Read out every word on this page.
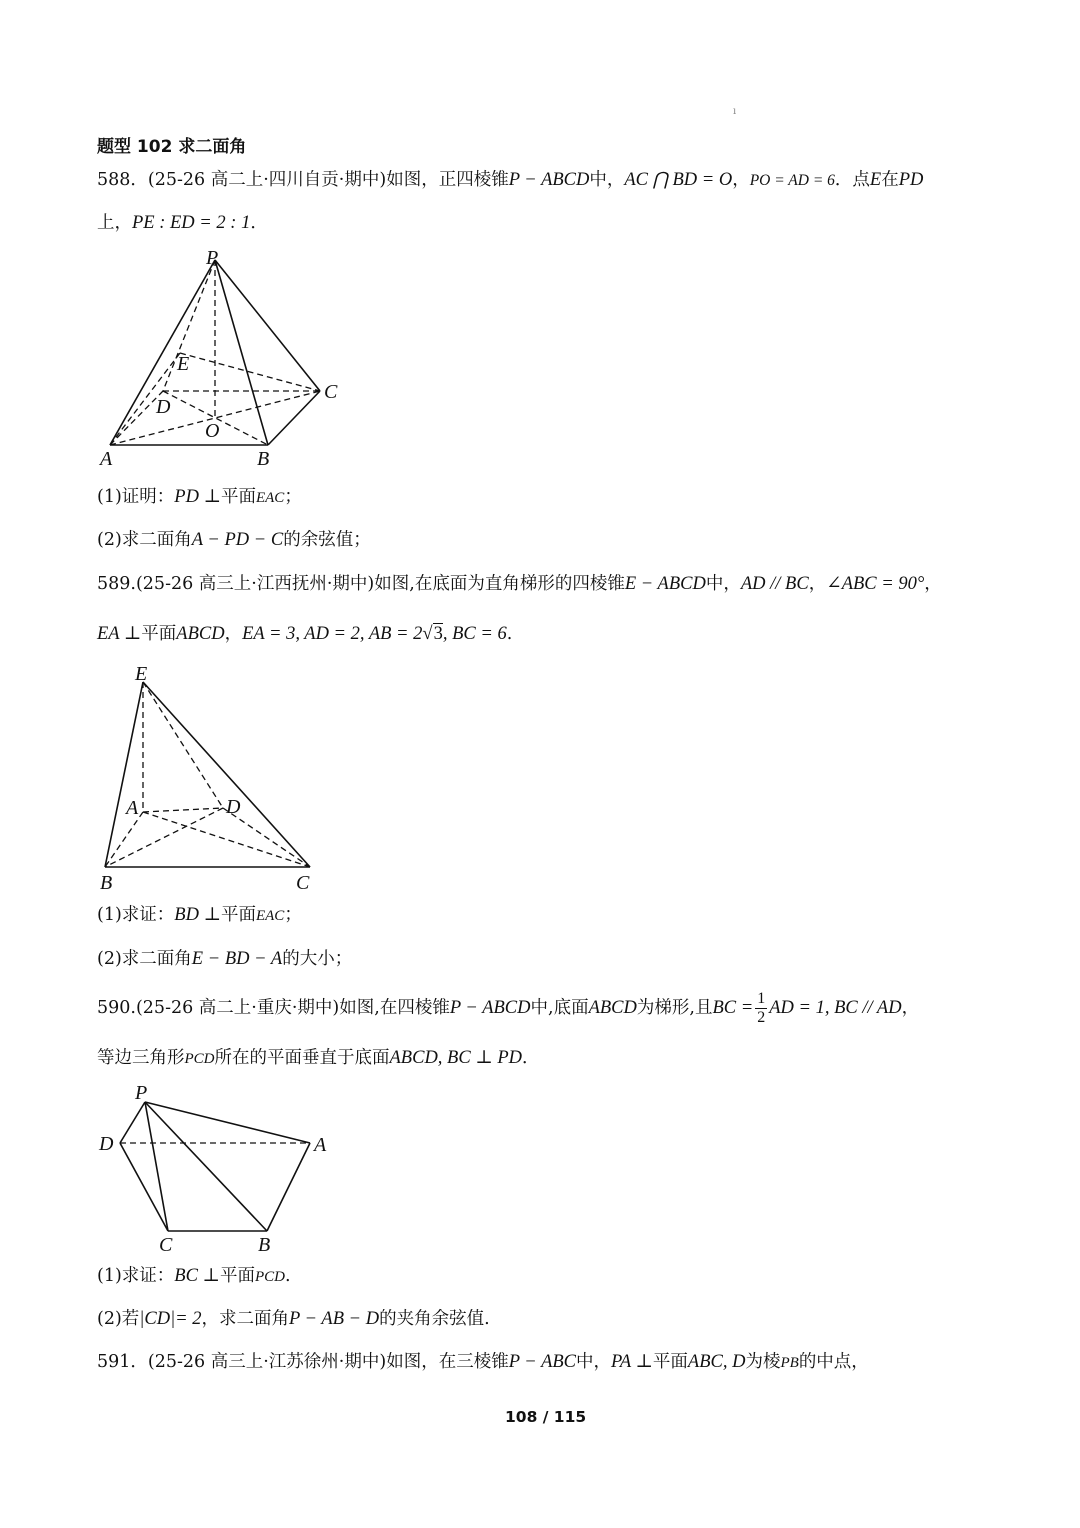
ı
题型 102 求二面角
588．(25-26 高二上·四川自贡·期中)如图，正四棱锥P − ABCD中，AC ⋂ BD = O，PO = AD = 6．点E在PD
上，PE : ED = 2 : 1．
P
E
C
D
O
A	B
(1)证明：PD ⊥平面EAC；
(2)求二面角A − PD − C的余弦值；
589.(25-26 高三上·江西抚州·期中)如图,在底面为直角梯形的四棱锥E − ABCD中，AD // BC，∠ABC = 90°，
EA ⊥平面ABCD，EA = 3, AD = 2, AB = 2√3, BC = 6.
E
A	D
B	C
(1)求证：BD ⊥平面EAC；
(2)求二面角E − BD − A的大小；
590.(25-26 高二上·重庆·期中)如图,在四棱锥P − ABCD中,底面ABCD为梯形,且BC = $\frac{1}{2}$ AD = 1, BC // AD，
等边三角形PCD所在的平面垂直于底面ABCD, BC ⊥ PD．
P
D	A
C	B
(1)求证：BC ⊥平面PCD.
(2)若|CD|= 2，求二面角P − AB − D的夹角余弦值.
591．(25-26 高三上·江苏徐州·期中)如图，在三棱锥P − ABC中，PA ⊥平面ABC, D为棱PB的中点，
108 / 115
